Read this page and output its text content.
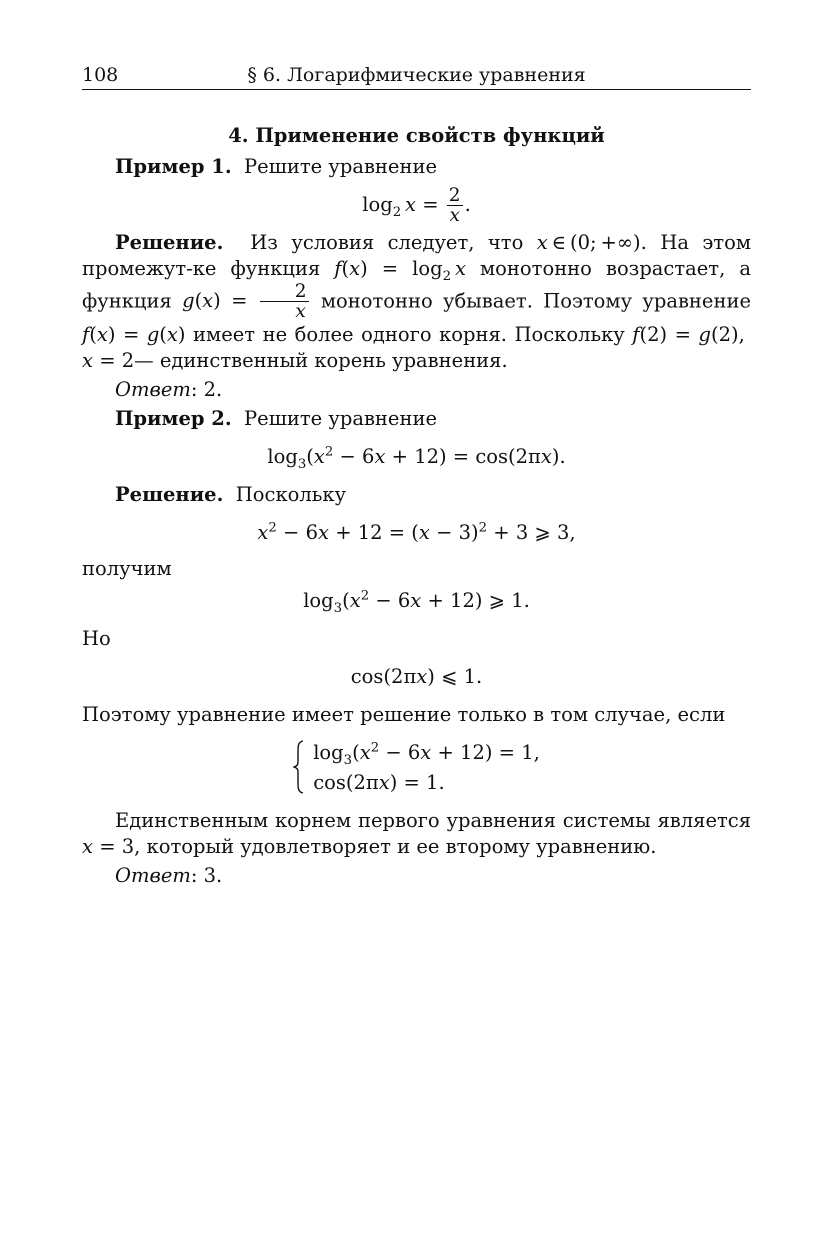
108	§ 6. Логарифмические уравнения
4. Применение свойств функций

Пример 1. Решите уравнение

$\log_2 x = \frac{2}{x}$ .

Решение. Из условия следует, что x ∈ (0; +∞). На этом промежут-ке функция $f(x) = \log_2 x$ монотонно возрастает, а функция $g(x) = \frac{2}{x}$ монотонно убывает. Поэтому уравнение f(x) = g(x) имеет не более одного корня. Поскольку f(2) = g(2),  x = 2— единственный корень уравнения.

Ответ: 2.

Пример 2. Решите уравнение

$\log_3(x^2 - 6x + 12) = \cos(2\pi x)$.

Решение. Поскольку

$x^2 - 6x + 12 = (x - 3)^2 + 3$ ⩾ 3,

получим

$\log_3(x^2 - 6x + 12)$ ⩾ 1.

Но

cos(2πx) ⩽ 1.

Поэтому уравнение имеет решение только в том случае, если

$\log_3(x^2 - 6x + 12) = 1$,
cos(2πx) = 1.

Единственным корнем первого уравнения системы является x = 3, который удовлетворяет и ее второму уравнению.

Ответ: 3.
